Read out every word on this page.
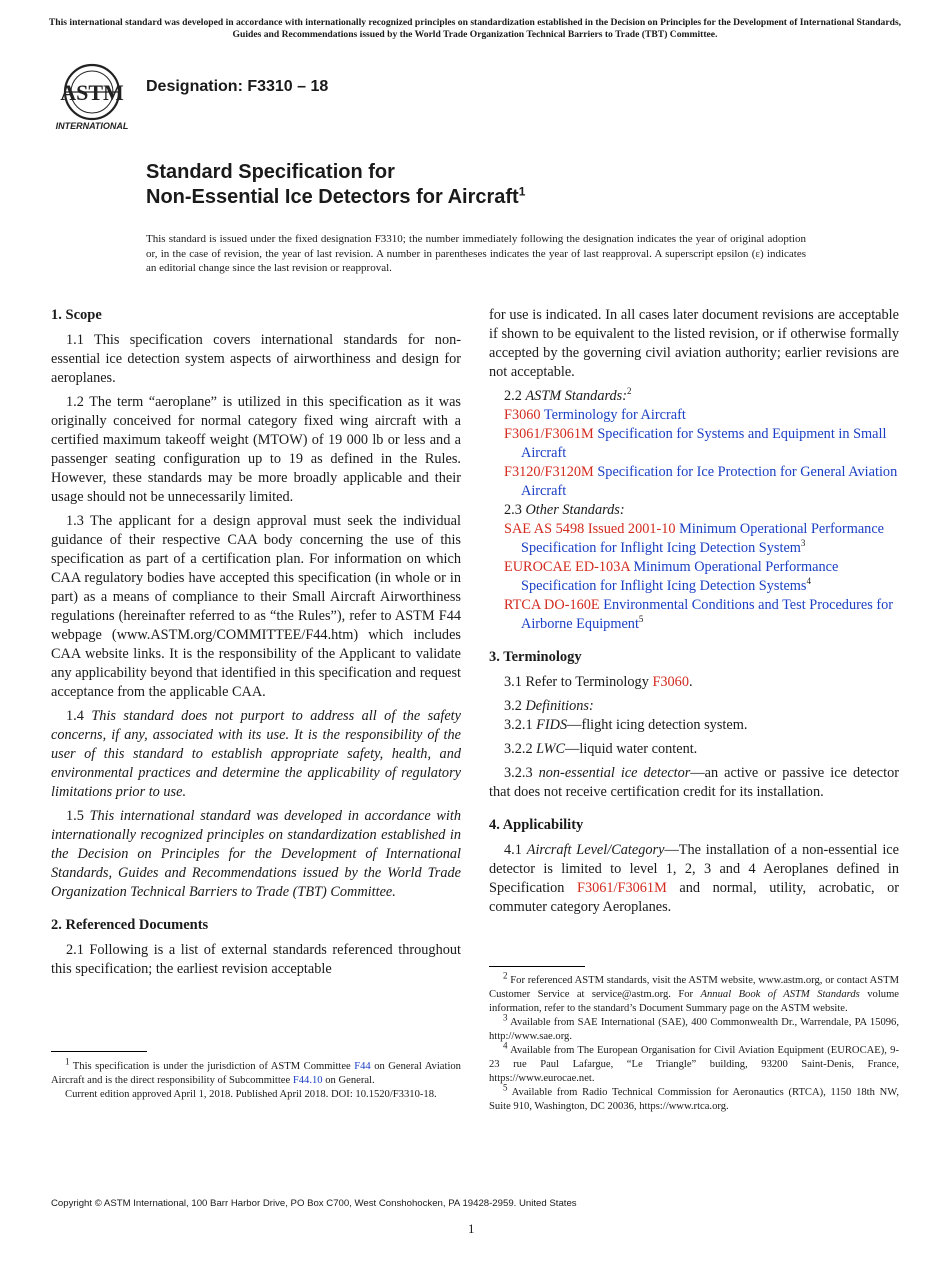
This international standard was developed in accordance with internationally recognized principles on standardization established in the Decision on Principles for the Development of International Standards, Guides and Recommendations issued by the World Trade Organization Technical Barriers to Trade (TBT) Committee.
ASTM
INTERNATIONAL
Designation: F3310 – 18
Standard Specification for
Non-Essential Ice Detectors for Aircraft$^1$
This standard is issued under the fixed designation F3310; the number immediately following the designation indicates the year of original adoption or, in the case of revision, the year of last revision. A number in parentheses indicates the year of last reapproval. A superscript epsilon (ε) indicates an editorial change since the last revision or reapproval.
1. Scope

1.1 This specification covers international standards for non-essential ice detection system aspects of airworthiness and design for aeroplanes.

1.2 The term “aeroplane” is utilized in this specification as it was originally conceived for normal category fixed wing aircraft with a certified maximum takeoff weight (MTOW) of 19 000 lb or less and a passenger seating configuration up to 19 as defined in the Rules. However, these standards may be more broadly applicable and their usage should not be unnecessarily limited.

1.3 The applicant for a design approval must seek the individual guidance of their respective CAA body concerning the use of this specification as part of a certification plan. For information on which CAA regulatory bodies have accepted this specification (in whole or in part) as a means of compliance to their Small Aircraft Airworthiness regulations (hereinafter referred to as “the Rules”), refer to ASTM F44 webpage (www.ASTM.org/COMMITTEE/F44.htm) which includes CAA website links. It is the responsibility of the Applicant to validate any applicability beyond that identified in this specification and request acceptance from the applicable CAA.

1.4 This standard does not purport to address all of the safety concerns, if any, associated with its use. It is the responsibility of the user of this standard to establish appropriate safety, health, and environmental practices and determine the applicability of regulatory limitations prior to use.

1.5 This international standard was developed in accordance with internationally recognized principles on standardization established in the Decision on Principles for the Development of International Standards, Guides and Recommendations issued by the World Trade Organization Technical Barriers to Trade (TBT) Committee.

2. Referenced Documents

2.1 Following is a list of external standards referenced throughout this specification; the earliest revision acceptable

$^1$ This specification is under the jurisdiction of ASTM Committee F44 on General Aviation Aircraft and is the direct responsibility of Subcommittee F44.10 on General.

Current edition approved April 1, 2018. Published April 2018. DOI: 10.1520/F3310-18.

for use is indicated. In all cases later document revisions are acceptable if shown to be equivalent to the listed revision, or if otherwise formally accepted by the governing civil aviation authority; earlier revisions are not acceptable.

2.2 ASTM Standards:$^2$

F3060 Terminology for Aircraft
F3061/F3061M Specification for Systems and Equipment in Small Aircraft
F3120/F3120M Specification for Ice Protection for General Aviation Aircraft

2.3 Other Standards:

SAE AS 5498 Issued 2001-10 Minimum Operational Performance Specification for Inflight Icing Detection System$^3$
EUROCAE ED-103A Minimum Operational Performance Specification for Inflight Icing Detection Systems$^4$
RTCA DO-160E Environmental Conditions and Test Procedures for Airborne Equipment$^5$
3. Terminology

3.1 Refer to Terminology F3060.

3.2 Definitions:

3.2.1 FIDS—flight icing detection system.

3.2.2 LWC—liquid water content.

3.2.3 non-essential ice detector—an active or passive ice detector that does not receive certification credit for its installation.

4. Applicability

4.1 Aircraft Level/Category—The installation of a non-essential ice detector is limited to level 1, 2, 3 and 4 Aeroplanes defined in Specification F3061/F3061M and normal, utility, acrobatic, or commuter category Aeroplanes.

$^2$ For referenced ASTM standards, visit the ASTM website, www.astm.org, or contact ASTM Customer Service at service@astm.org. For Annual Book of ASTM Standards volume information, refer to the standard’s Document Summary page on the ASTM website.

$^3$ Available from SAE International (SAE), 400 Commonwealth Dr., Warrendale, PA 15096, http://www.sae.org.

$^4$ Available from The European Organisation for Civil Aviation Equipment (EUROCAE), 9-23 rue Paul Lafargue, “Le Triangle” building, 93200 Saint-Denis, France, https://www.eurocae.net.

$^5$ Available from Radio Technical Commission for Aeronautics (RTCA), 1150 18th NW, Suite 910, Washington, DC 20036, https://www.rtca.org.

Copyright © ASTM International, 100 Barr Harbor Drive, PO Box C700, West Conshohocken, PA 19428-2959. United States
1
